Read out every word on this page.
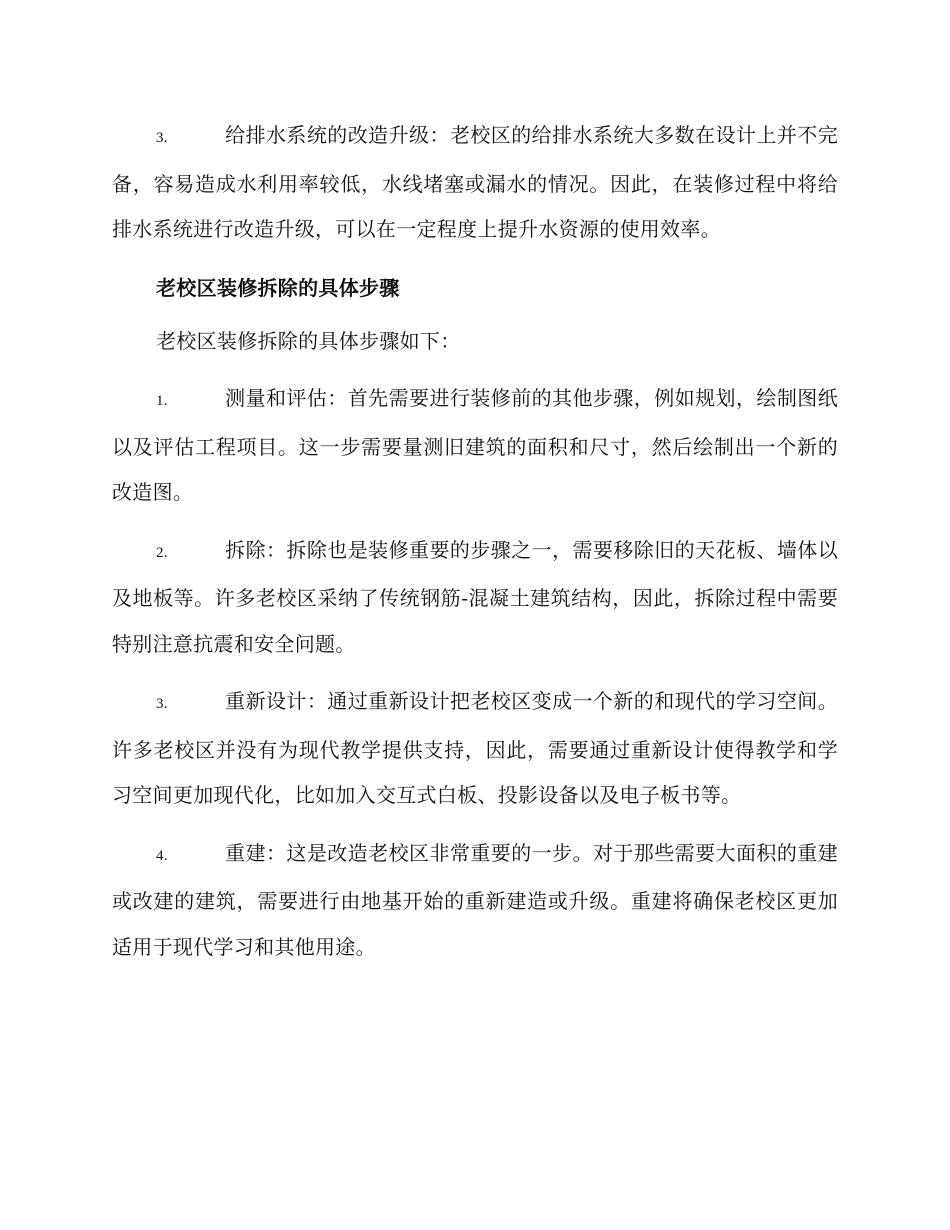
3.	给排水系统的改造升级：老校区的给排水系统大多数在设计上并不完备，容易造成水利用率较低，水线堵塞或漏水的情况。因此，在装修过程中将给排水系统进行改造升级，可以在一定程度上提升水资源的使用效率。

老校区装修拆除的具体步骤

老校区装修拆除的具体步骤如下：

1.	测量和评估：首先需要进行装修前的其他步骤，例如规划，绘制图纸以及评估工程项目。这一步需要量测旧建筑的面积和尺寸，然后绘制出一个新的改造图。

2.	拆除：拆除也是装修重要的步骤之一，需要移除旧的天花板、墙体以及地板等。许多老校区采纳了传统钢筋-混凝土建筑结构，因此，拆除过程中需要特别注意抗震和安全问题。

3.	重新设计：通过重新设计把老校区变成一个新的和现代的学习空间。许多老校区并没有为现代教学提供支持，因此，需要通过重新设计使得教学和学习空间更加现代化，比如加入交互式白板、投影设备以及电子板书等。

4.	重建：这是改造老校区非常重要的一步。对于那些需要大面积的重建或改建的建筑，需要进行由地基开始的重新建造或升级。重建将确保老校区更加适用于现代学习和其他用途。
